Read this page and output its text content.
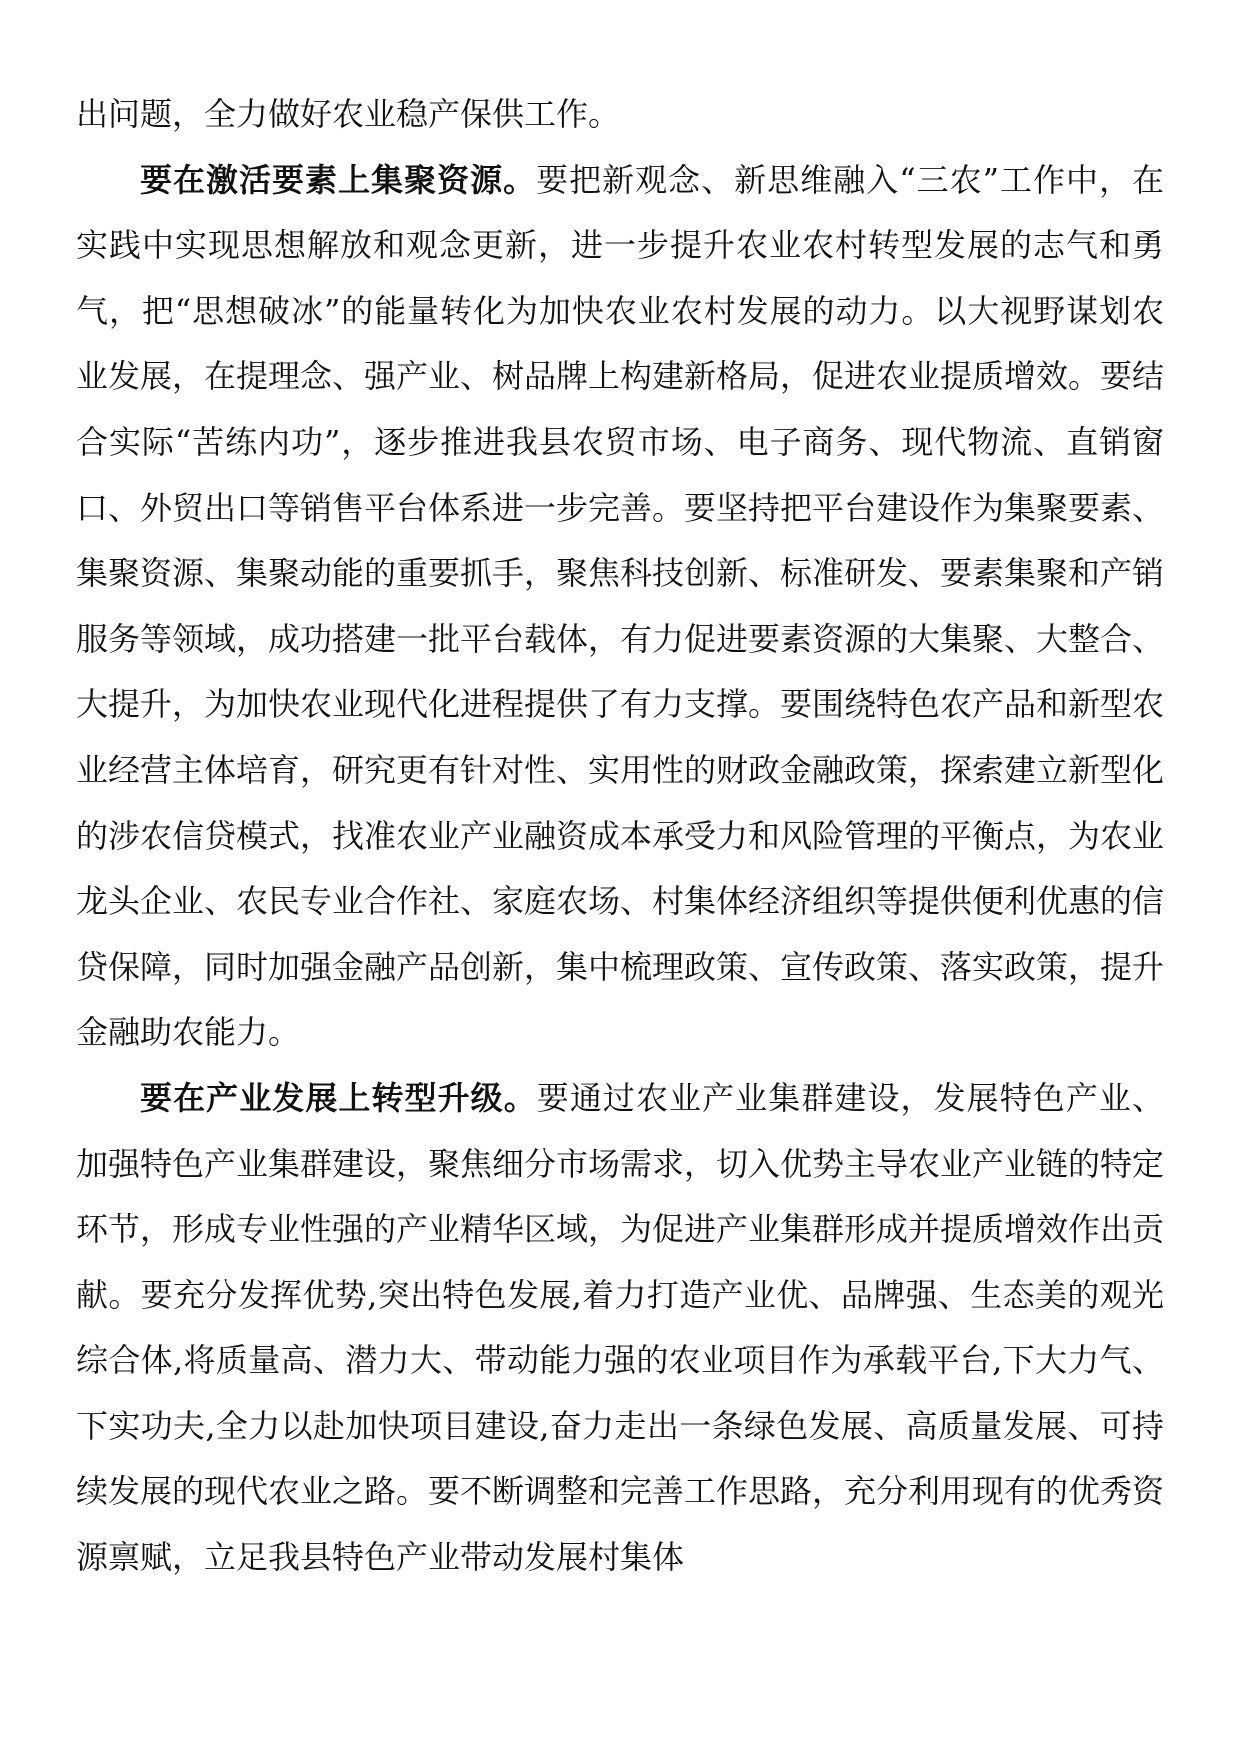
出问题，全力做好农业稳产保供工作。

要在激活要素上集聚资源。要把新观念、新思维融入“三农”工作中，在实践中实现思想解放和观念更新，进一步提升农业农村转型发展的志气和勇气，把“思想破冰”的能量转化为加快农业农村发展的动力。以大视野谋划农业发展，在提理念、强产业、树品牌上构建新格局，促进农业提质增效。要结合实际“苦练内功”，逐步推进我县农贸市场、电子商务、现代物流、直销窗口、外贸出口等销售平台体系进一步完善。要坚持把平台建设作为集聚要素、集聚资源、集聚动能的重要抓手，聚焦科技创新、标准研发、要素集聚和产销服务等领域，成功搭建一批平台载体，有力促进要素资源的大集聚、大整合、大提升，为加快农业现代化进程提供了有力支撑。要围绕特色农产品和新型农业经营主体培育，研究更有针对性、实用性的财政金融政策，探索建立新型化的涉农信贷模式，找准农业产业融资成本承受力和风险管理的平衡点，为农业龙头企业、农民专业合作社、家庭农场、村集体经济组织等提供便利优惠的信贷保障，同时加强金融产品创新，集中梳理政策、宣传政策、落实政策，提升金融助农能力。

要在产业发展上转型升级。要通过农业产业集群建设，发展特色产业、加强特色产业集群建设，聚焦细分市场需求，切入优势主导农业产业链的特定环节，形成专业性强的产业精华区域，为促进产业集群形成并提质增效作出贡献。要充分发挥优势,突出特色发展,着力打造产业优、品牌强、生态美的观光综合体,将质量高、潜力大、带动能力强的农业项目作为承载平台,下大力气、下实功夫,全力以赴加快项目建设,奋力走出一条绿色发展、高质量发展、可持续发展的现代农业之路。要不断调整和完善工作思路，充分利用现有的优秀资源禀赋，立足我县特色产业带动发展村集体
